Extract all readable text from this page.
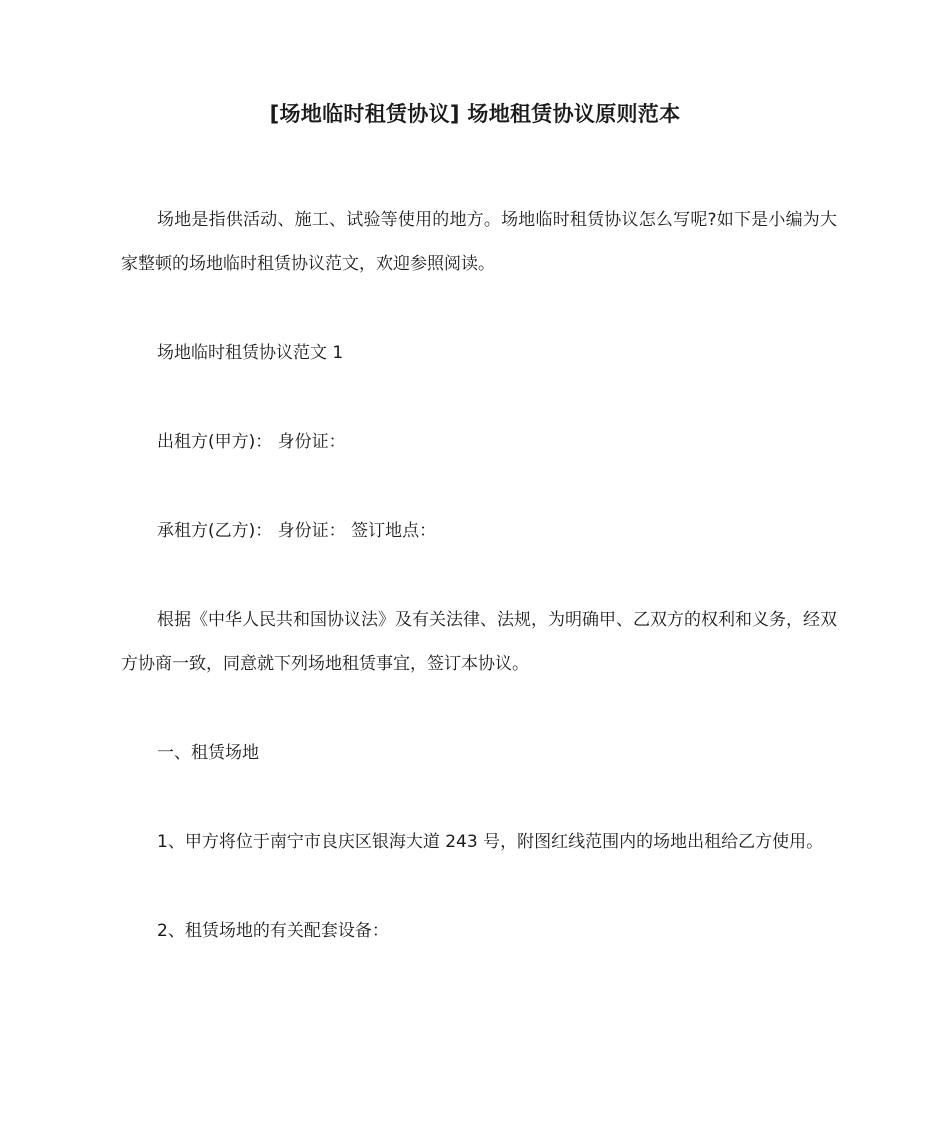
[场地临时租赁协议] 场地租赁协议原则范本

场地是指供活动、施工、试验等使用的地方。场地临时租赁协议怎么写呢?如下是小编为大家整顿的场地临时租赁协议范文，欢迎参照阅读。

场地临时租赁协议范文 1

出租方(甲方)： 身份证：

承租方(乙方)： 身份证： 签订地点：

根据《中华人民共和国协议法》及有关法律、法规，为明确甲、乙双方的权利和义务，经双方协商一致，同意就下列场地租赁事宜，签订本协议。

一、租赁场地

1、甲方将位于南宁市良庆区银海大道 243 号，附图红线范围内的场地出租给乙方使用。

2、租赁场地的有关配套设备：
